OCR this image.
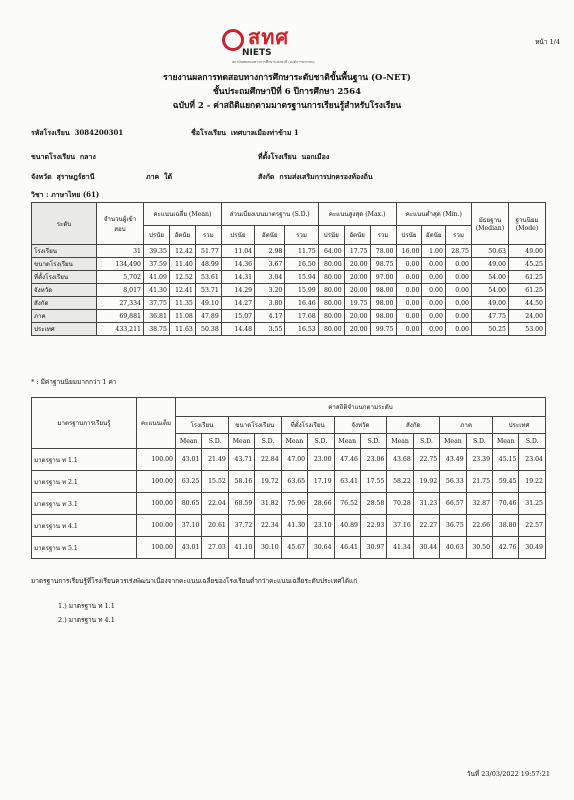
สทศ
NIETS
สถาบันทดสอบทางการศึกษาแห่งชาติ (องค์การมหาชน)
หน้า 1/4
รายงานผลการทดสอบทางการศึกษาระดับชาติขั้นพื้นฐาน (O-NET)
ชั้นประถมศึกษาปีที่ 6 ปีการศึกษา 2564
ฉบับที่ 2 - ค่าสถิติแยกตามมาตรฐานการเรียนรู้สำหรับโรงเรียน
รหัสโรงเรียน 3084200301	ชื่อโรงเรียน เทศบาลเมืองท่าข้าม 1
ขนาดโรงเรียน กลาง	ที่ตั้งโรงเรียน นอกเมือง
จังหวัด สุราษฎร์ธานี	ภาค ใต้	สังกัด กรมส่งเสริมการปกครองท้องถิ่น
วิชา : ภาษาไทย (61)
ระดับ	จำนวนผู้เข้าสอบ	คะแนนเฉลี่ย (Mean)			ส่วนเบี่ยงเบนมาตรฐาน (S.D.)			คะแนนสูงสุด (Max.)			คะแนนต่ำสุด (Min.)			มัธยฐาน (Median)	ฐานนิยม (Mode)
		ปรนัย	อัตนัย	รวม	ปรนัย	อัตนัย	รวม	ปรนัย	อัตนัย	รวม	ปรนัย	อัตนัย	รวม		
โรงเรียน	31	39.35	12.42	51.77	11.04	2.98	11.75	64.00	17.75	78.00	16.00	1.00	28.75	50.63	49.00
ขนาดโรงเรียน	134,490	37.59	11.40	48.99	14.36	3.67	16.50	80.00	20.00	98.75	0.00	0.00	0.00	49.00	45.25
ที่ตั้งโรงเรียน	5,702	41.09	12.52	53.61	14.31	3.04	15.94	80.00	20.00	97.00	0.00	0.00	0.00	54.00	61.25
จังหวัด	8,017	41.30	12.41	53.71	14.29	3.20	15.99	80.00	20.00	98.00	0.00	0.00	0.00	54.00	61.25
สังกัด	27,334	37.75	11.35	49.10	14.27	3.80	16.46	80.00	19.75	98.00	0.00	0.00	0.00	49.00	44.50
ภาค	69,881	36.81	11.08	47.89	15.07	4.17	17.68	80.00	20.00	98.00	0.00	0.00	0.00	47.75	24.00
ประเทศ	433,211	38.75	11.63	50.38	14.48	3.55	16.53	80.00	20.00	99.75	0.00	0.00	0.00	50.25	53.00
* : มีค่าฐานนิยมมากกว่า 1 ค่า
มาตรฐานการเรียนรู้	คะแนนเต็ม	ค่าสถิติจำแนกตามระดับ													
		โรงเรียน		ขนาดโรงเรียน		ที่ตั้งโรงเรียน		จังหวัด		สังกัด		ภาค		ประเทศ	
		Mean	S.D.	Mean	S.D.	Mean	S.D.	Mean	S.D.	Mean	S.D.	Mean	S.D.	Mean	S.D.
มาตรฐาน ท 1.1	100.00	43.01	21.49	43.71	22.84	47.00	23.00	47.46	23.06	43.68	22.75	43.49	23.39	45.15	23.04
มาตรฐาน ท 2.1	100.00	63.25	15.52	58.16	19.72	63.65	17.19	63.41	17.55	58.22	19.92	56.33	21.75	59.45	19.22
มาตรฐาน ท 3.1	100.00	80.65	22.04	68.59	31.82	75.96	28.66	76.52	28.58	70.28	31.23	66.57	32.87	70.46	31.25
มาตรฐาน ท 4.1	100.00	37.10	20.61	37.72	22.34	41.30	23.10	40.89	22.93	37.16	22.27	36.75	22.66	38.80	22.57
มาตรฐาน ท 5.1	100.00	43.01	27.03	41.10	30.10	45.67	30.64	46.41	30.97	41.34	30.44	40.63	30.50	42.76	30.49
มาตรฐานการเรียนรู้ที่โรงเรียนควรเร่งพัฒนาเนื่องจากคะแนนเฉลี่ยของโรงเรียนต่ำกว่าคะแนนเฉลี่ยระดับประเทศได้แก่
1.) มาตรฐาน ท 1.1
2.) มาตรฐาน ท 4.1
วันที่ 23/03/2022 19:57:21
